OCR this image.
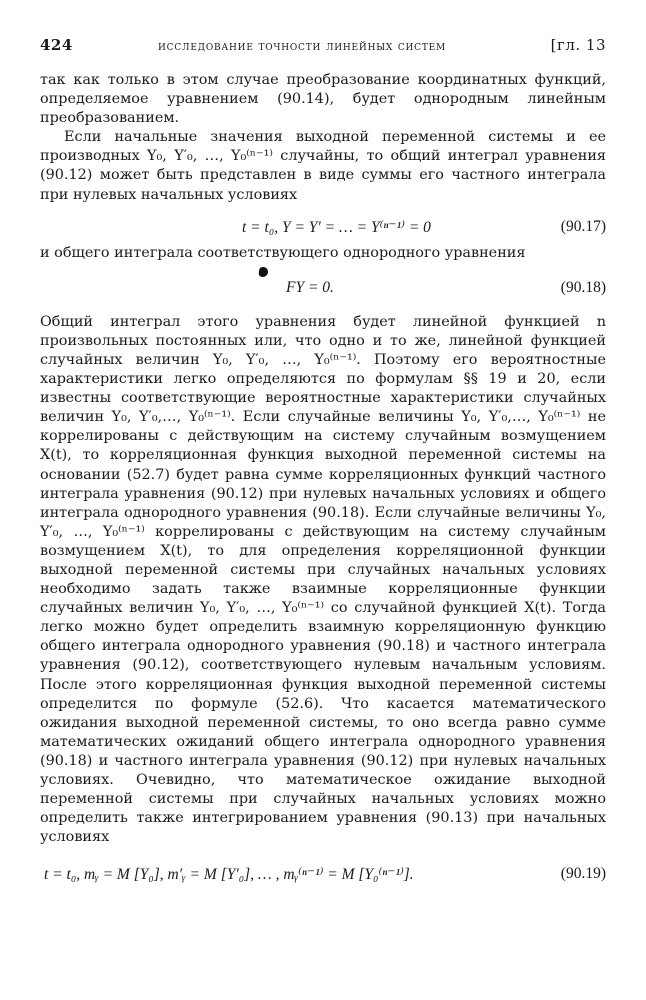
424	исследование точности линейных систем	[гл. 13

так как только в этом случае преобразование координатных функций, определяемое уравнением (90.14), будет однородным линейным преобразованием.

Если начальные значения выходной переменной системы и ее производных Y₀, Y′₀, …, Y₀⁽ⁿ⁻¹⁾ случайны, то общий интеграл уравнения (90.12) может быть представлен в виде суммы его частного интеграла при нулевых начальных условиях

t = t₀, Y = Y′ = … = Y⁽ⁿ⁻¹⁾ = 0	(90.17)

и общего интеграла соответствующего однородного уравнения

FY = 0.	(90.18)

Общий интеграл этого уравнения будет линейной функцией n произвольных постоянных или, что одно и то же, линейной функцией случайных величин Y₀, Y′₀, …, Y₀⁽ⁿ⁻¹⁾. Поэтому его вероятностные характеристики легко определяются по формулам §§ 19 и 20, если известны соответствующие вероятностные характеристики случайных величин Y₀, Y′₀,…, Y₀⁽ⁿ⁻¹⁾. Если случайные величины Y₀, Y′₀,…, Y₀⁽ⁿ⁻¹⁾ не коррелированы с действующим на систему случайным возмущением X(t), то корреляционная функция выходной переменной системы на основании (52.7) будет равна сумме корреляционных функций частного интеграла уравнения (90.12) при нулевых начальных условиях и общего интеграла однородного уравнения (90.18). Если случайные величины Y₀, Y′₀, …, Y₀⁽ⁿ⁻¹⁾ коррелированы с действующим на систему случайным возмущением X(t), то для определения корреляционной функции выходной переменной системы при случайных начальных условиях необходимо задать также взаимные корреляционные функции случайных величин Y₀, Y′₀, …, Y₀⁽ⁿ⁻¹⁾ со случайной функцией X(t). Тогда легко можно будет определить взаимную корреляционную функцию общего интеграла однородного уравнения (90.18) и частного интеграла уравнения (90.12), соответствующего нулевым начальным условиям. После этого корреляционная функция выходной переменной системы определится по формуле (52.6). Что касается математического ожидания выходной переменной системы, то оно всегда равно сумме математических ожиданий общего интеграла однородного уравнения (90.18) и частного интеграла уравнения (90.12) при нулевых начальных условиях. Очевидно, что математическое ожидание выходной переменной системы при случайных начальных условиях можно определить также интегрированием уравнения (90.13) при начальных условиях

t = t₀, mᵧ = M [Y₀], m′ᵧ = M [Y′₀], … , mᵧ⁽ⁿ⁻¹⁾ = M [Y₀⁽ⁿ⁻¹⁾].	(90.19)
